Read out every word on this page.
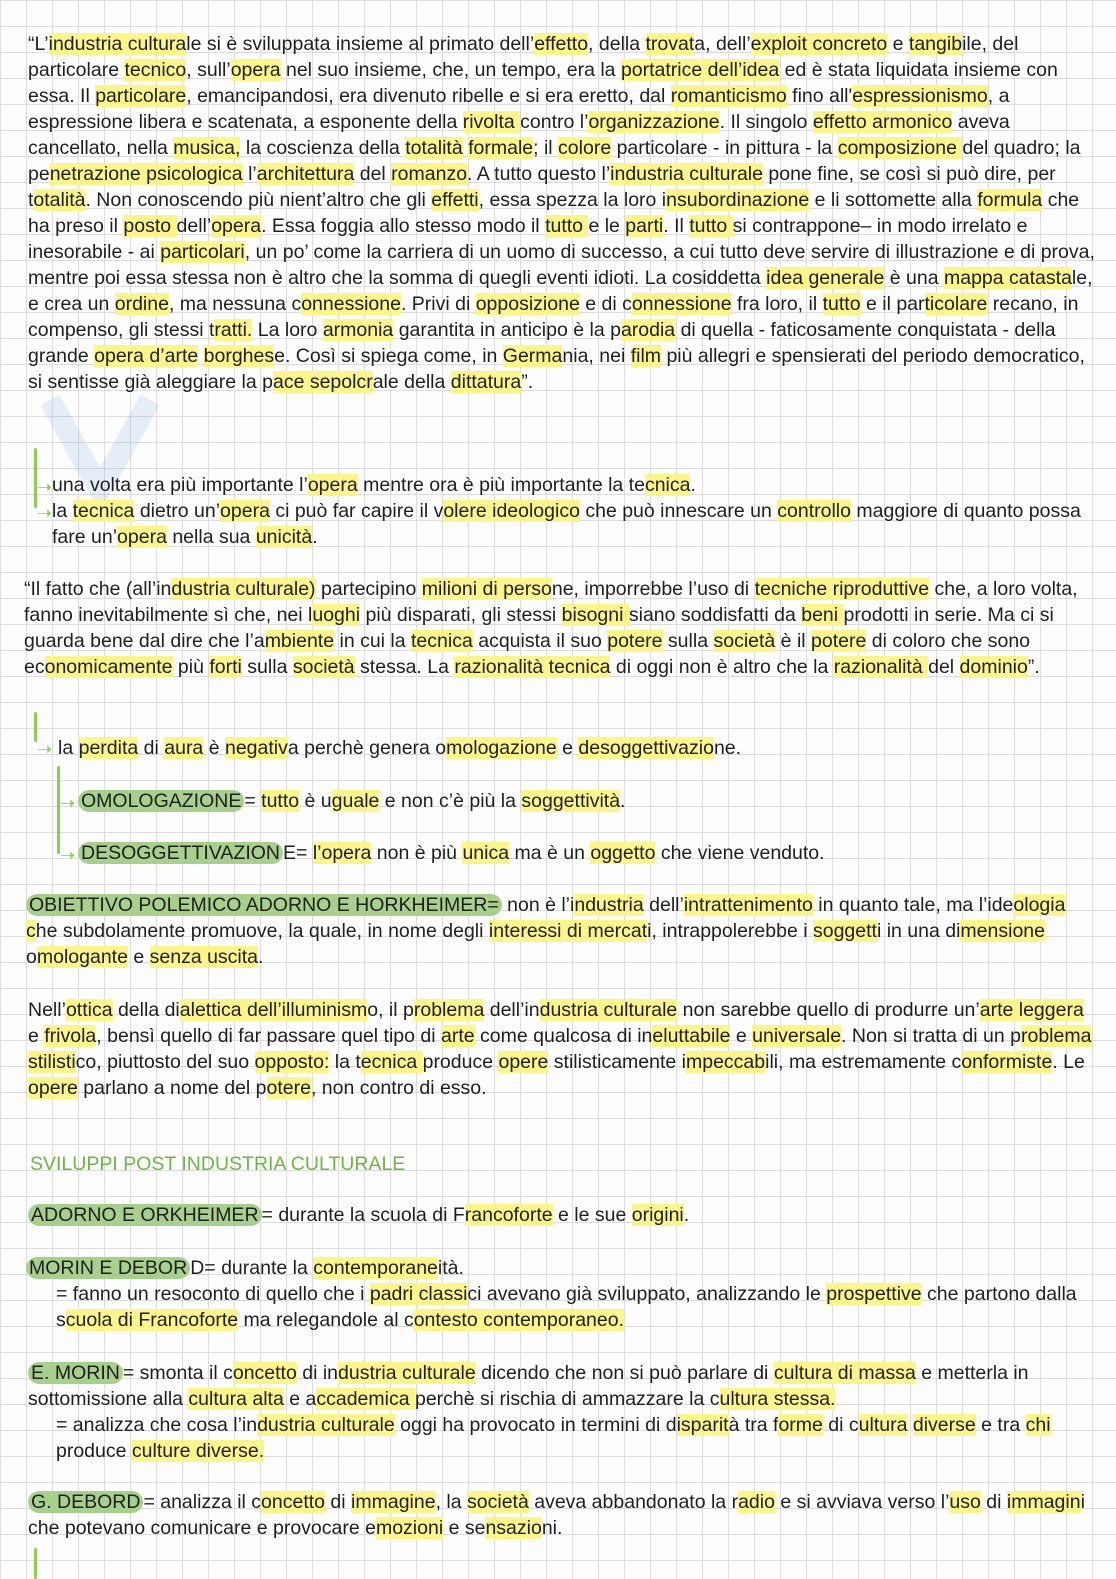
“L’industria culturale si è sviluppata insieme al primato dell’effetto, della trovata, dell’exploit concreto e tangibile, del particolare tecnico, sull’opera nel suo insieme, che, un tempo, era la portatrice dell’idea ed è stata liquidata insieme con essa. Il particolare, emancipandosi, era divenuto ribelle e si era eretto, dal romanticismo fino all'espressionismo, a espressione libera e scatenata, a esponente della rivolta contro l’organizzazione. Il singolo effetto armonico aveva cancellato, nella musica, la coscienza della totalità formale; il colore particolare - in pittura - la composizione del quadro; la penetrazione psicologica l’architettura del romanzo. A tutto questo l’industria culturale pone fine, se così si può dire, per totalità. Non conoscendo più nient’altro che gli effetti, essa spezza la loro insubordinazione e li sottomette alla formula che ha preso il posto dell’opera. Essa foggia allo stesso modo il tutto e le parti. Il tutto si contrappone– in modo irrelato e inesorabile - ai particolari, un po’ come la carriera di un uomo di successo, a cui tutto deve servire di illustrazione e di prova, mentre poi essa stessa non è altro che la somma di quegli eventi idioti. La cosiddetta idea generale è una mappa catastale, e crea un ordine, ma nessuna connessione. Privi di opposizione e di connessione fra loro, il tutto e il particolare recano, in compenso, gli stessi tratti. La loro armonia garantita in anticipo è la parodia di quella - faticosamente conquistata - della grande opera d’arte borghese. Così si spiega come, in Germania, nei film più allegri e spensierati del periodo democratico, si sentisse già aleggiare la pace sepolcrale della dittatura”.

➝
➝

una volta era più importante l’opera mentre ora è più importante la tecnica.

la tecnica dietro un’opera ci può far capire il volere ideologico che può innescare un controllo maggiore di quanto possa fare un’opera nella sua unicità.

“Il fatto che (all’industria culturale) partecipino milioni di persone, imporrebbe l’uso di tecniche riproduttive che, a loro volta, fanno inevitabilmente sì che, nei luoghi più disparati, gli stessi bisogni siano soddisfatti da beni prodotti in serie. Ma ci si guarda bene dal dire che l’ambiente in cui la tecnica acquista il suo potere sulla società è il potere di coloro che sono economicamente più forti sulla società stessa. La razionalità tecnica di oggi non è altro che la razionalità del dominio”.

➝ la perdita di aura è negativa perchè genera omologazione e desoggettivazione.

➝
➝

OMOLOGAZIONE = tutto è uguale e non c’è più la soggettività.

DESOGGETTIVAZION E= l’opera non è più unica ma è un oggetto che viene venduto.

OBIETTIVO POLEMICO ADORNO E HORKHEIMER= non è l’industria dell’intrattenimento in quanto tale, ma l’ideologia che subdolamente promuove, la quale, in nome degli interessi di mercati, intrappolerebbe i soggetti in una dimensione omologante e senza uscita.

Nell’ottica della dialettica dell’illuminismo, il problema dell’industria culturale non sarebbe quello di produrre un’arte leggera e frivola, bensì quello di far passare quel tipo di arte come qualcosa di ineluttabile e universale. Non si tratta di un problema stilistico, piuttosto del suo opposto: la tecnica produce opere stilisticamente impeccabili, ma estremamente conformiste. Le opere parlano a nome del potere, non contro di esso.

SVILUPPI POST INDUSTRIA CULTURALE

ADORNO E ORKHEIMER = durante la scuola di Francoforte e le sue origini.

MORIN E DEBOR D= durante la contemporaneità.

= fanno un resoconto di quello che i padri classici avevano già sviluppato, analizzando le prospettive che partono dalla scuola di Francoforte ma relegandole al contesto contemporaneo.

E. MORIN = smonta il concetto di industria culturale dicendo che non si può parlare di cultura di massa e metterla in sottomissione alla cultura alta e accademica perchè si rischia di ammazzare la cultura stessa.

= analizza che cosa l’industria culturale oggi ha provocato in termini di disparità tra forme di cultura diverse e tra chi produce culture diverse.

G. DEBORD = analizza il concetto di immagine, la società aveva abbandonato la radio e si avviava verso l’uso di immagini che potevano comunicare e provocare emozioni e sensazioni.
